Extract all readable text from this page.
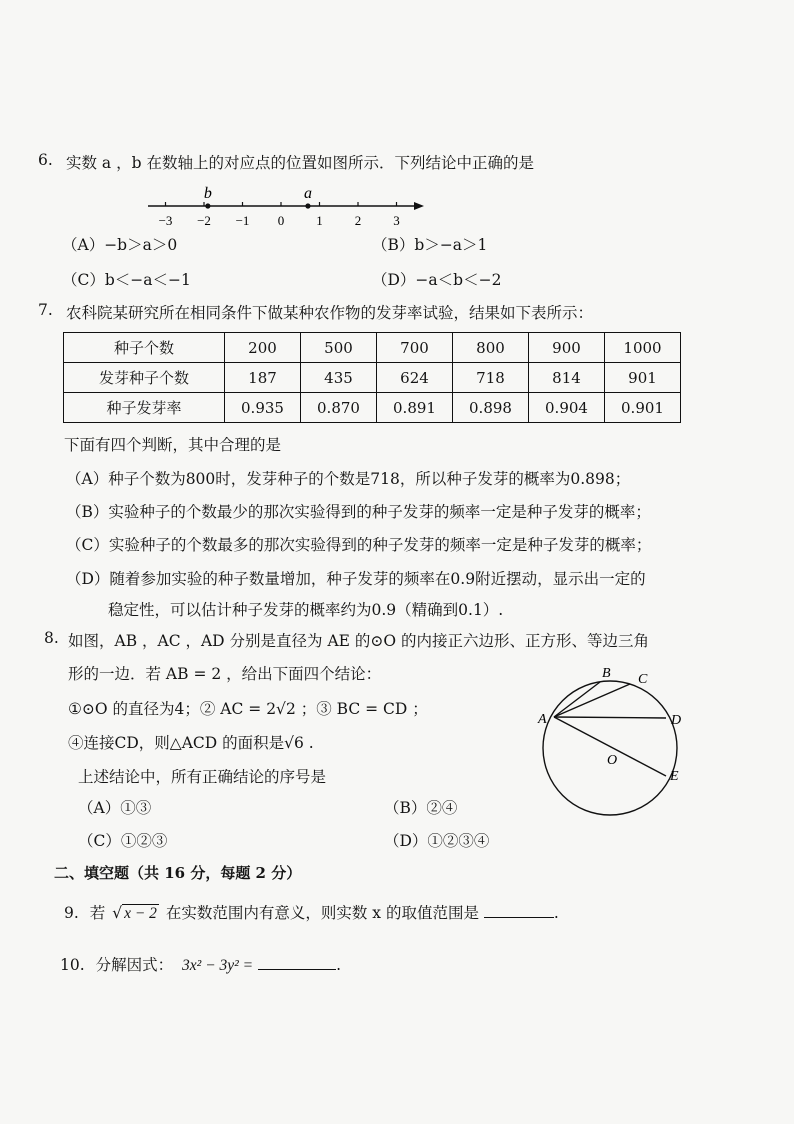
6. 实数 a ，b 在数轴上的对应点的位置如图所示．下列结论中正确的是
−3 −2 −1 0 1 2 3
b	a
（A）−b＞a＞0	（B）b＞−a＞1
（C）b＜−a＜−1	（D）−a＜b＜−2
7. 农科院某研究所在相同条件下做某种农作物的发芽率试验，结果如下表所示：
种子个数	200	500	700	800	900	1000
发芽种子个数	187	435	624	718	814	901
种子发芽率	0.935	0.870	0.891	0.898	0.904	0.901
下面有四个判断，其中合理的是
（A）种子个数为800时，发芽种子的个数是718，所以种子发芽的概率为0.898；
（B）实验种子的个数最少的那次实验得到的种子发芽的频率一定是种子发芽的概率；
（C）实验种子的个数最多的那次实验得到的种子发芽的频率一定是种子发芽的概率；
（D）随着参加实验的种子数量增加，种子发芽的频率在0.9附近摆动，显示出一定的
稳定性，可以估计种子发芽的概率约为0.9（精确到0.1）.
8. 如图，AB ，AC ，AD 分别是直径为 AE 的⊙O 的内接正六边形、正方形、等边三角
形的一边．若 AB = 2 ，给出下面四个结论：
①⊙O 的直径为4；② AC = 2√2 ；③ BC = CD ；
④连接CD，则△ACD 的面积是√6 .
上述结论中，所有正确结论的序号是
（A）①③	（B）②④
（C）①②③	（D）①②③④
A
B C
D
E
O
二、填空题（共 16 分，每题 2 分）
9. 若 √ x − 2 在实数范围内有意义，则实数 x 的取值范围是	.
10. 分解因式： 3x² − 3y² =	.
